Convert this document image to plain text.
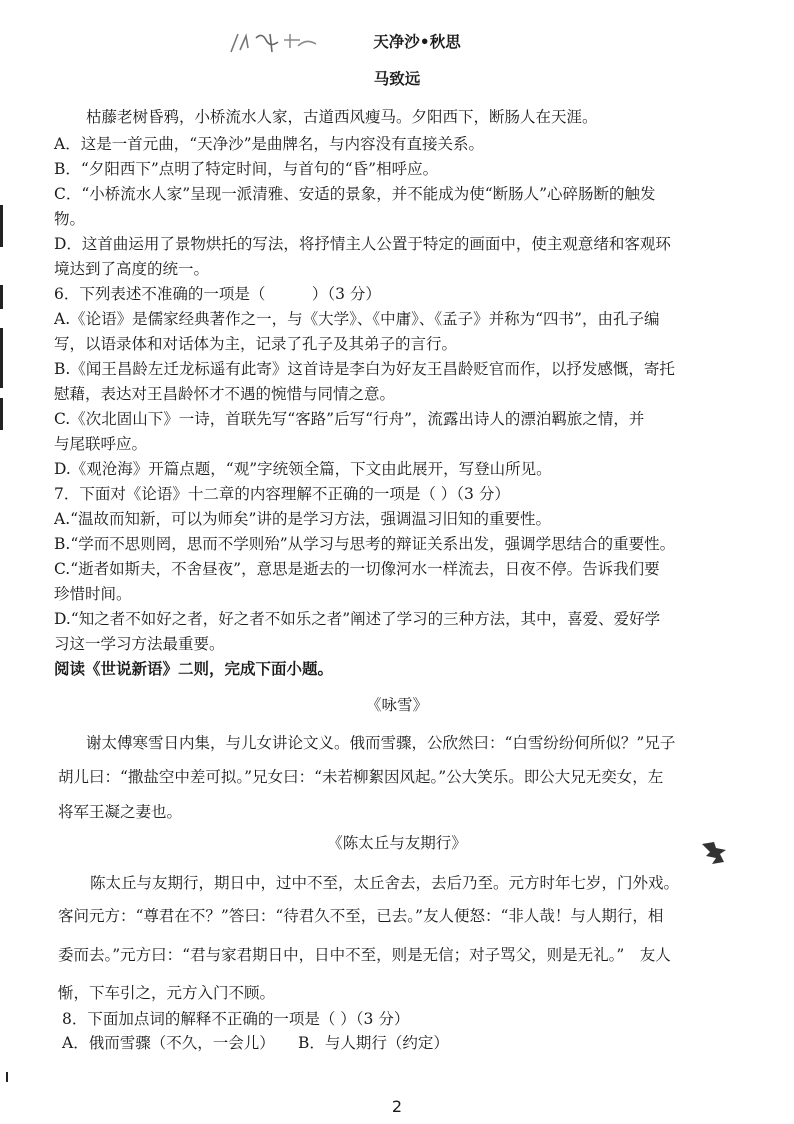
天净沙•秋思
马致远
枯藤老树昏鸦，小桥流水人家，古道西风瘦马。夕阳西下，断肠人在天涯。
A．这是一首元曲，“天净沙”是曲牌名，与内容没有直接关系。
B．“夕阳西下”点明了特定时间，与首句的“昏”相呼应。
C．“小桥流水人家”呈现一派清雅、安适的景象，并不能成为使“断肠人”心碎肠断的触发
物。
D．这首曲运用了景物烘托的写法，将抒情主人公置于特定的画面中，使主观意绪和客观环
境达到了高度的统一。
6．下列表述不准确的一项是（　　　）（3 分）
A.《论语》是儒家经典著作之一，与《大学》、《中庸》、《孟子》并称为“四书”，由孔子编
写，以语录体和对话体为主，记录了孔子及其弟子的言行。
B.《闻王昌龄左迁龙标遥有此寄》这首诗是李白为好友王昌龄贬官而作，以抒发感慨，寄托
慰藉，表达对王昌龄怀才不遇的惋惜与同情之意。
C.《次北固山下》一诗，首联先写“客路”后写“行舟”，流露出诗人的漂泊羁旅之情，并
与尾联呼应。
D.《观沧海》开篇点题，“观”字统领全篇，下文由此展开，写登山所见。
7．下面对《论语》十二章的内容理解不正确的一项是（ ）（3 分）
A.“温故而知新，可以为师矣”讲的是学习方法，强调温习旧知的重要性。
B.“学而不思则罔，思而不学则殆”从学习与思考的辩证关系出发，强调学思结合的重要性。
C.“逝者如斯夫，不舍昼夜”，意思是逝去的一切像河水一样流去，日夜不停。告诉我们要
珍惜时间。
D.“知之者不如好之者，好之者不如乐之者”阐述了学习的三种方法，其中，喜爱、爱好学
习这一学习方法最重要。
阅读《世说新语》二则，完成下面小题。
《咏雪》
谢太傅寒雪日内集，与儿女讲论文义。俄而雪骤，公欣然曰：“白雪纷纷何所似？”兄子
胡儿曰：“撒盐空中差可拟。”兄女曰：“未若柳絮因风起。”公大笑乐。即公大兄无奕女，左
将军王凝之妻也。
《陈太丘与友期行》
陈太丘与友期行，期日中，过中不至，太丘舍去，去后乃至。元方时年七岁，门外戏。
客问元方：“尊君在不？”答曰：“待君久不至，已去。”友人便怒：“非人哉！与人期行，相
委而去。”元方曰：“君与家君期日中，日中不至，则是无信；对子骂父，则是无礼。”　友人
惭，下车引之，元方入门不顾。
8．下面加点词的解释不正确的一项是（ ）（3 分）
A．俄而雪骤（不久，一会儿）　　B．与人期行（约定）
2
